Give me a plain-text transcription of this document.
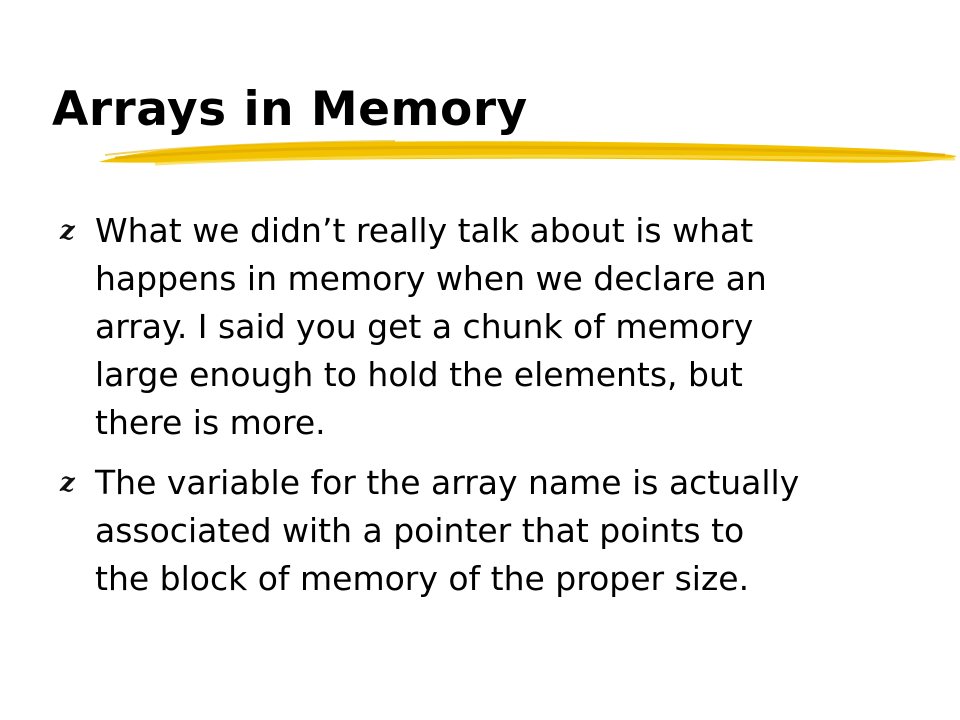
Arrays in Memory
z What we didn’t really talk about is what
happens in memory when we declare an
array. I said you get a chunk of memory
large enough to hold the elements, but
there is more.
z The variable for the array name is actually
associated with a pointer that points to
the block of memory of the proper size.
